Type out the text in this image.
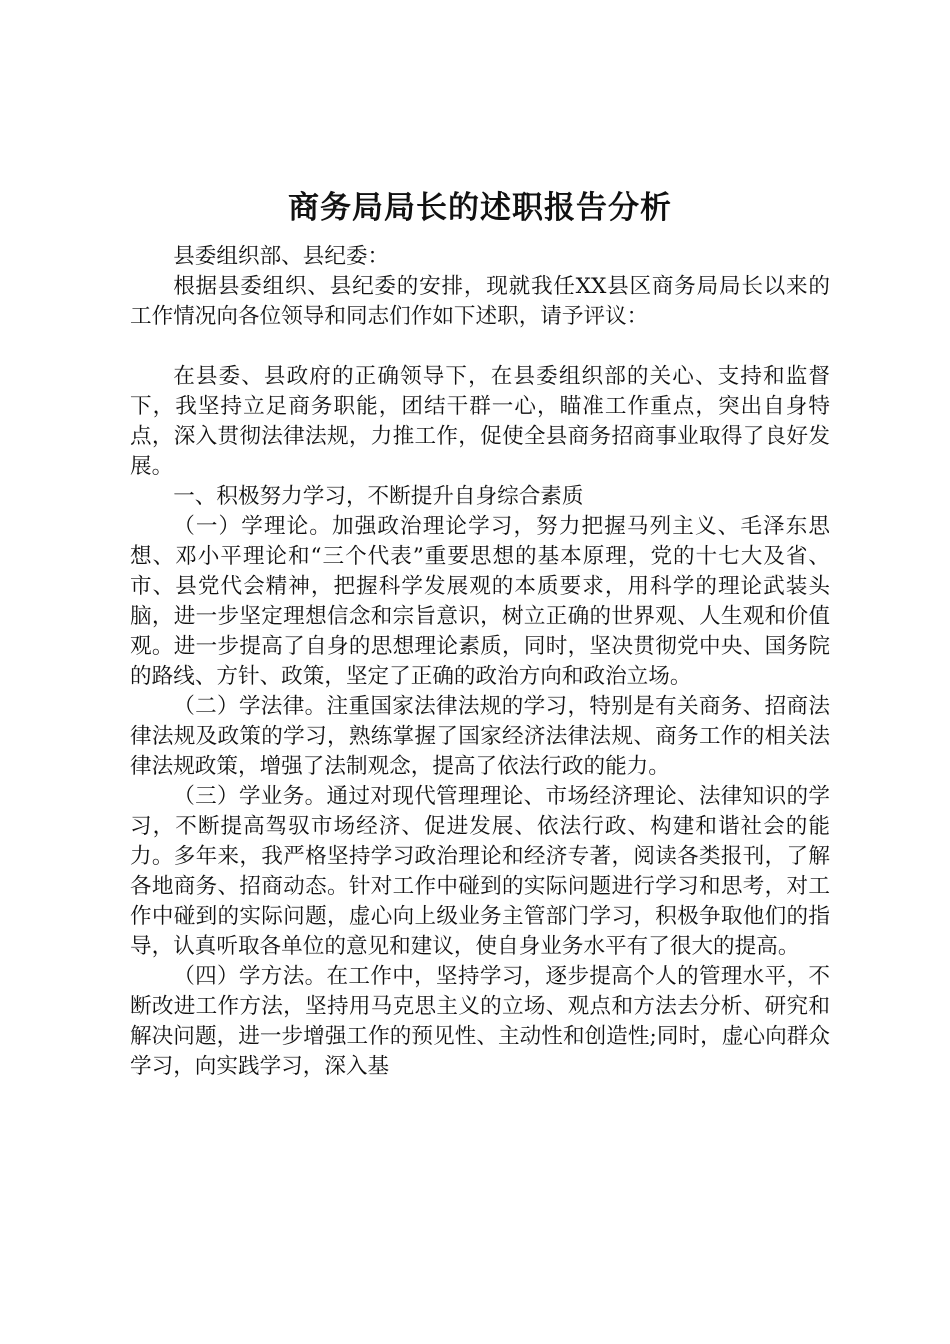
商务局局长的述职报告分析

县委组织部、县纪委：

根据县委组织、县纪委的安排，现就我任XX县区商务局局长以来的工作情况向各位领导和同志们作如下述职，请予评议：

在县委、县政府的正确领导下，在县委组织部的关心、支持和监督下，我坚持立足商务职能，团结干群一心，瞄准工作重点，突出自身特点，深入贯彻法律法规，力推工作，促使全县商务招商事业取得了良好发展。

一、积极努力学习，不断提升自身综合素质

（一）学理论。加强政治理论学习，努力把握马列主义、毛泽东思想、邓小平理论和“三个代表”重要思想的基本原理，党的十七大及省、市、县党代会精神，把握科学发展观的本质要求，用科学的理论武装头脑，进一步坚定理想信念和宗旨意识，树立正确的世界观、人生观和价值观。进一步提高了自身的思想理论素质，同时，坚决贯彻党中央、国务院的路线、方针、政策，坚定了正确的政治方向和政治立场。

（二）学法律。注重国家法律法规的学习，特别是有关商务、招商法律法规及政策的学习，熟练掌握了国家经济法律法规、商务工作的相关法律法规政策，增强了法制观念，提高了依法行政的能力。

（三）学业务。通过对现代管理理论、市场经济理论、法律知识的学习，不断提高驾驭市场经济、促进发展、依法行政、构建和谐社会的能力。多年来，我严格坚持学习政治理论和经济专著，阅读各类报刊，了解各地商务、招商动态。针对工作中碰到的实际问题进行学习和思考，对工作中碰到的实际问题，虚心向上级业务主管部门学习，积极争取他们的指导，认真听取各单位的意见和建议，使自身业务水平有了很大的提高。

（四）学方法。在工作中，坚持学习，逐步提高个人的管理水平，不断改进工作方法，坚持用马克思主义的立场、观点和方法去分析、研究和解决问题，进一步增强工作的预见性、主动性和创造性;同时，虚心向群众学习，向实践学习，深入基
